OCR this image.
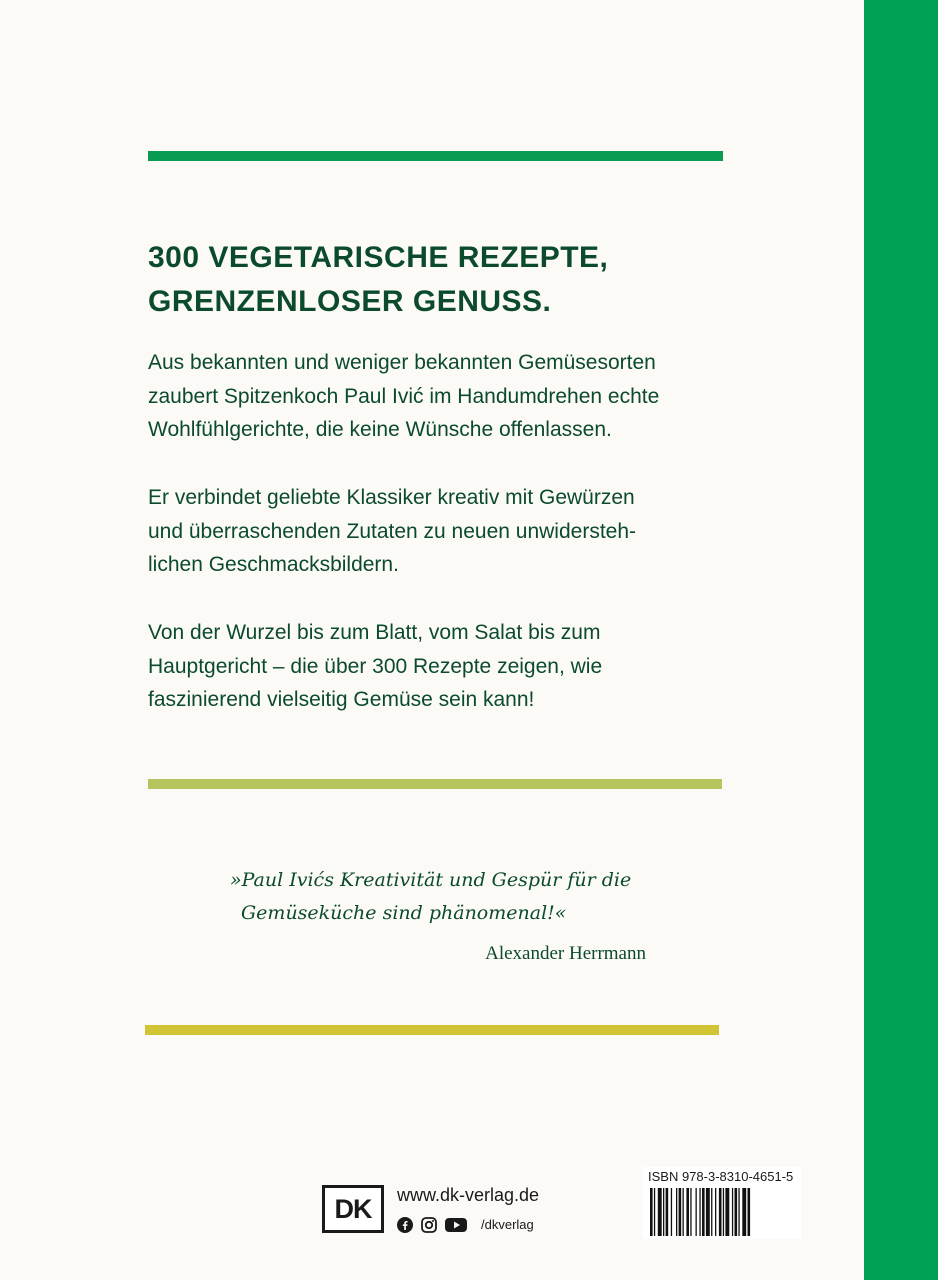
300 VEGETARISCHE REZEPTE,
GRENZENLOSER GENUSS.

Aus bekannten und weniger bekannten Gemüsesorten
zaubert Spitzenkoch Paul Ivić im Handumdrehen echte
Wohlfühlgerichte, die keine Wünsche offenlassen.

Er verbindet geliebte Klassiker kreativ mit Gewürzen
und überraschenden Zutaten zu neuen unwidersteh-
lichen Geschmacksbildern.

Von der Wurzel bis zum Blatt, vom Salat bis zum
Hauptgericht – die über 300 Rezepte zeigen, wie
faszinierend vielseitig Gemüse sein kann!

»Paul Ivićs Kreativität und Gespür für die
Gemüseküche sind phänomenal!«

Alexander Herrmann

DK	www.dk-verlag.de

/dkverlag

ISBN 978-3-8310-4651-5
